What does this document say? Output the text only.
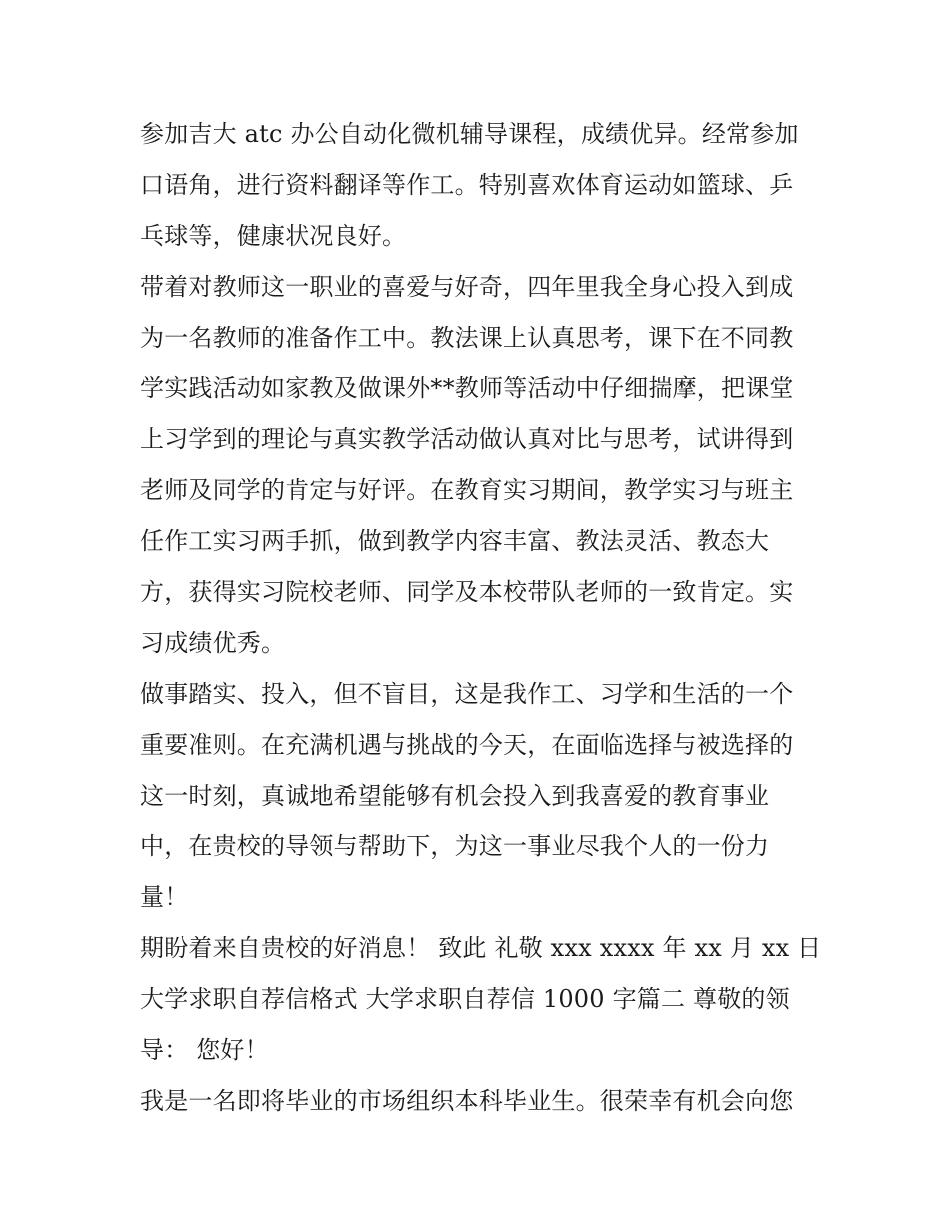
参加吉大 atc 办公自动化微机辅导课程，成绩优异。经常参加
口语角，进行资料翻译等作工。特别喜欢体育运动如篮球、乒
乓球等，健康状况良好。
带着对教师这一职业的喜爱与好奇，四年里我全身心投入到成
为一名教师的准备作工中。教法课上认真思考，课下在不同教
学实践活动如家教及做课外**教师等活动中仔细揣摩，把课堂
上习学到的理论与真实教学活动做认真对比与思考，试讲得到
老师及同学的肯定与好评。在教育实习期间，教学实习与班主
任作工实习两手抓，做到教学内容丰富、教法灵活、教态大
方，获得实习院校老师、同学及本校带队老师的一致肯定。实
习成绩优秀。
做事踏实、投入，但不盲目，这是我作工、习学和生活的一个
重要准则。在充满机遇与挑战的今天，在面临选择与被选择的
这一时刻，真诚地希望能够有机会投入到我喜爱的教育事业
中，在贵校的导领与帮助下，为这一事业尽我个人的一份力
量！
期盼着来自贵校的好消息！ 致此 礼敬 xxx xxxx 年 xx 月 xx 日
大学求职自荐信格式 大学求职自荐信 1000 字篇二 尊敬的领
导： 您好！
我是一名即将毕业的市场组织本科毕业生。很荣幸有机会向您
